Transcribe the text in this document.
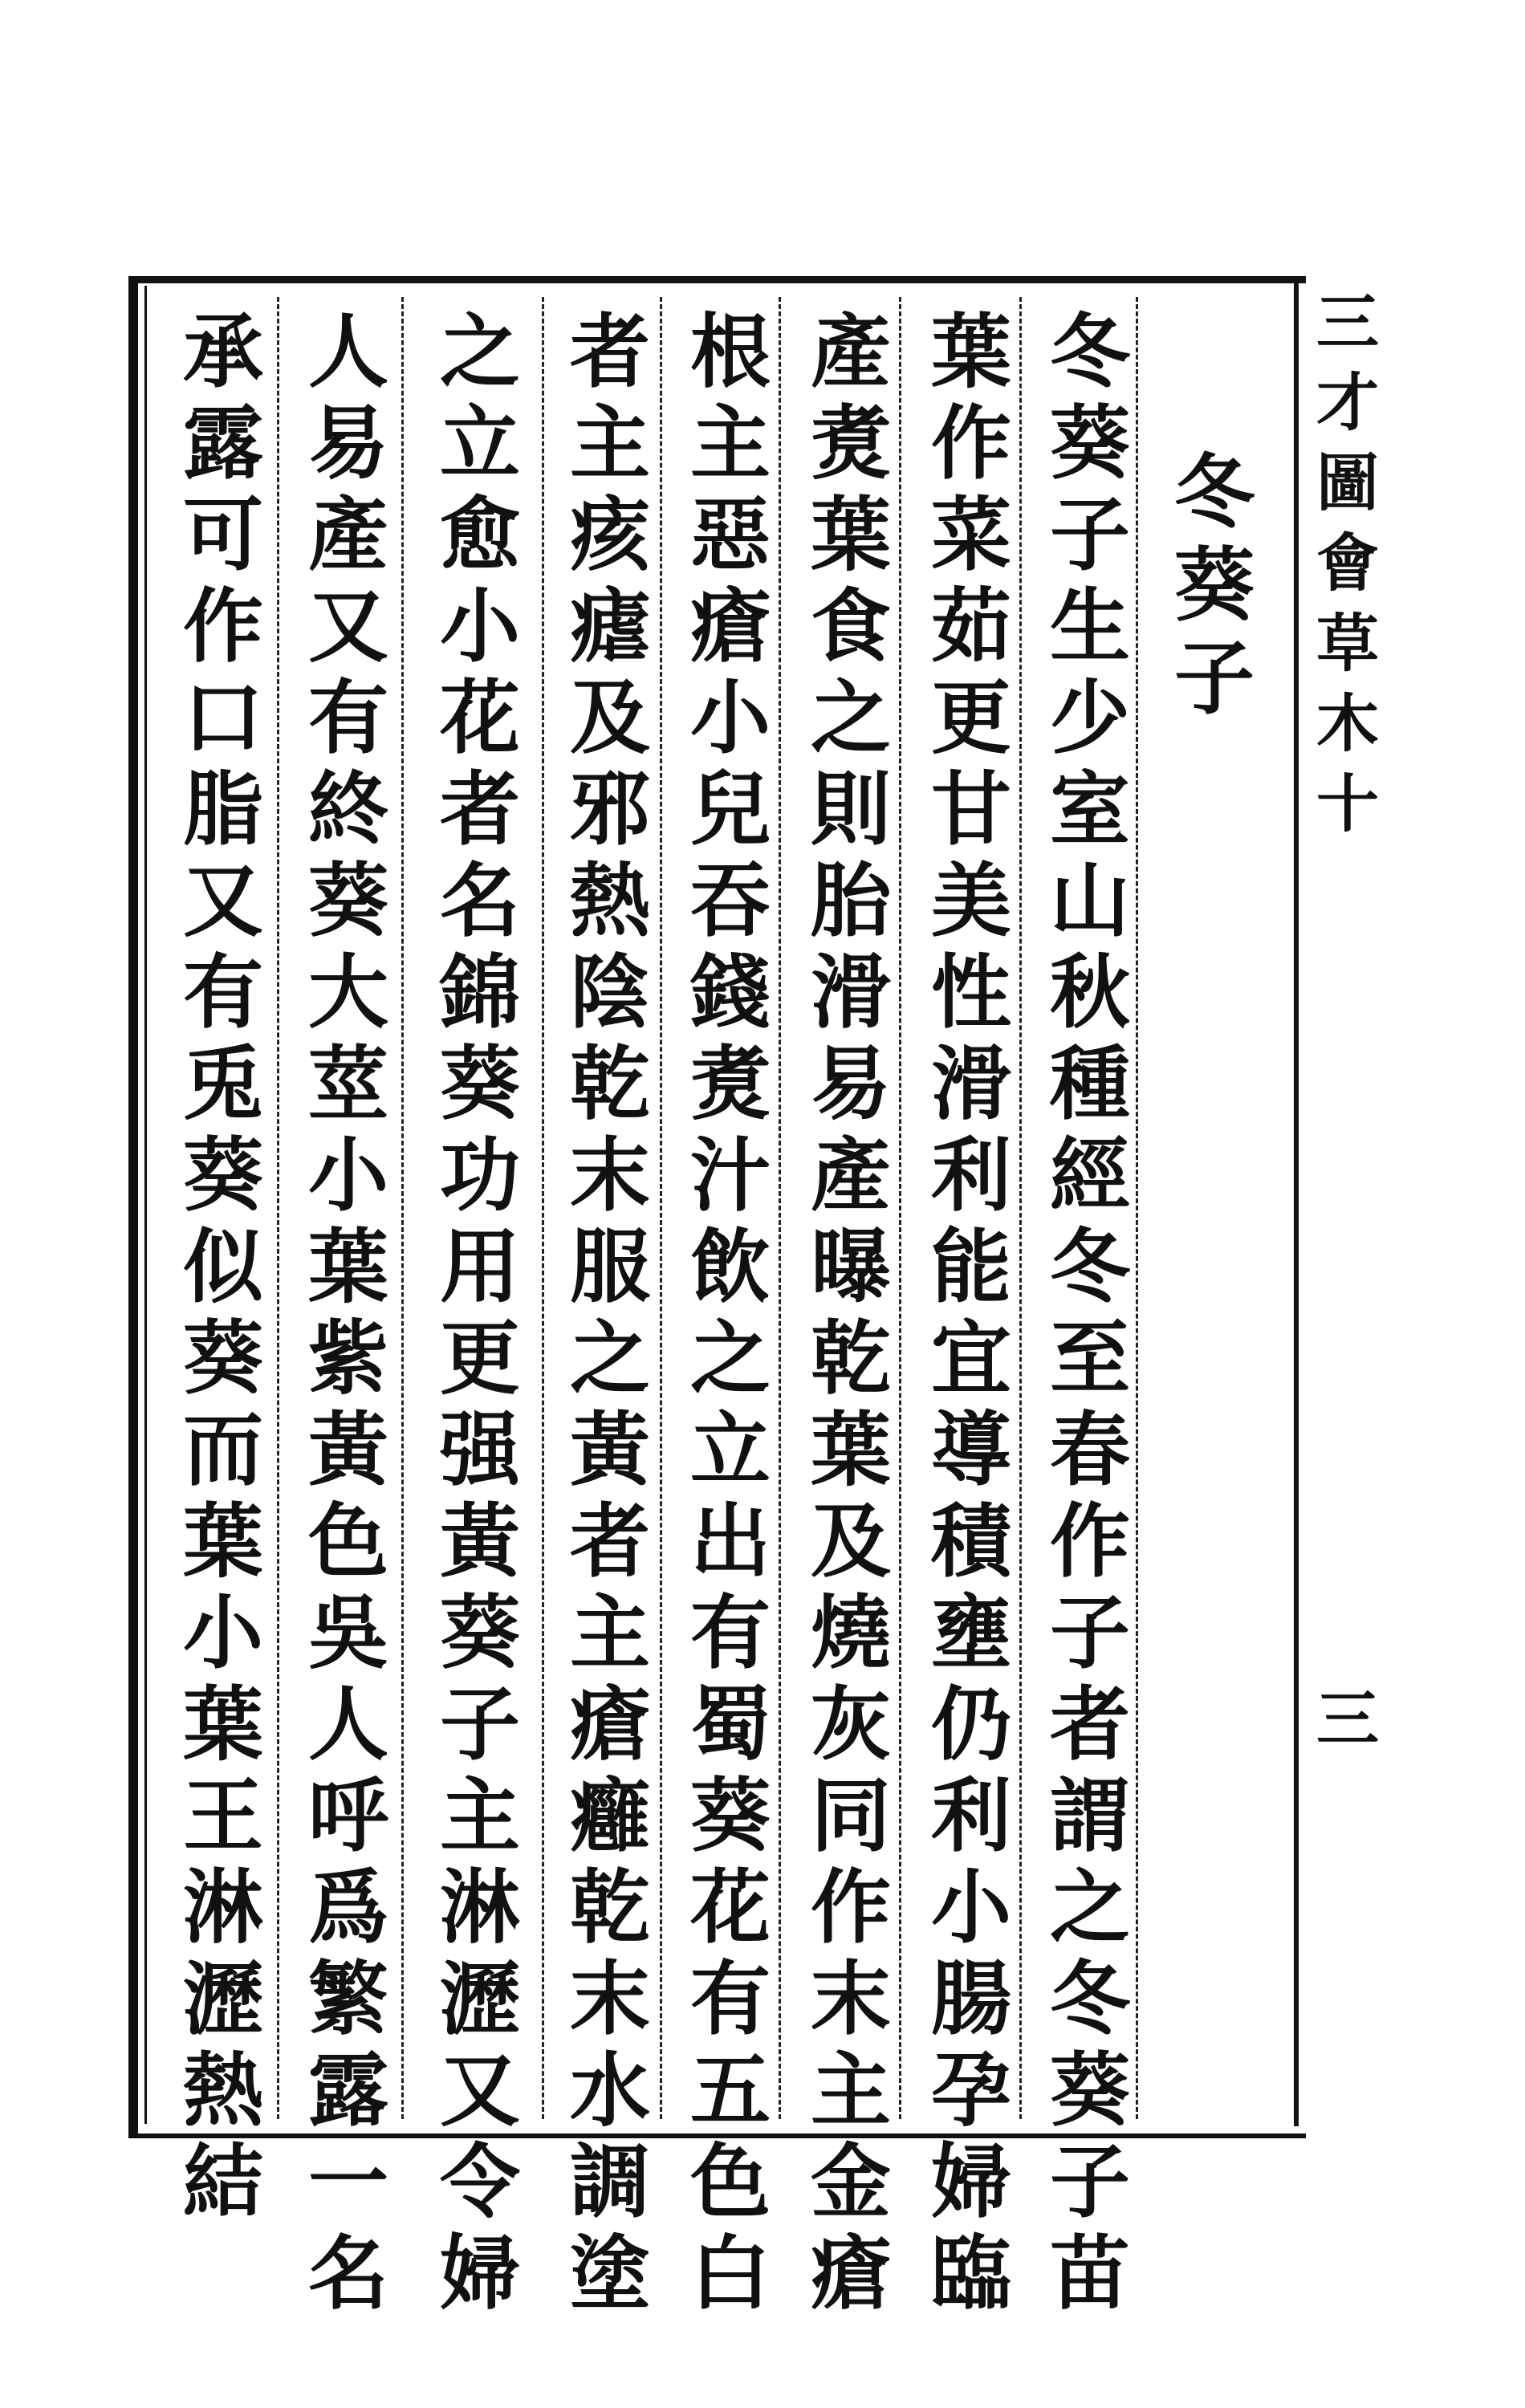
三才圖會草木十
三
冬葵子
冬葵子生少室山秋種經冬至春作子者謂之冬葵子苗
葉作菜茹更甘美性滑利能宜導積壅仍利小腸孕婦臨
產煑葉食之則胎滑易產曝乾葉及燒灰同作末主金瘡
根主惡瘡小兒吞錢煑汁飲之立出有蜀葵花有五色白
者主痎瘧及邪熱陰乾末服之黃者主瘡癰乾末水調塗
之立愈小花者名錦葵功用更强黃葵子主淋瀝又令婦
人易產又有終葵大莖小葉紫黃色吳人呼爲繁露一名
承露可作口脂又有兎葵似葵而葉小葉王淋瀝熱結
